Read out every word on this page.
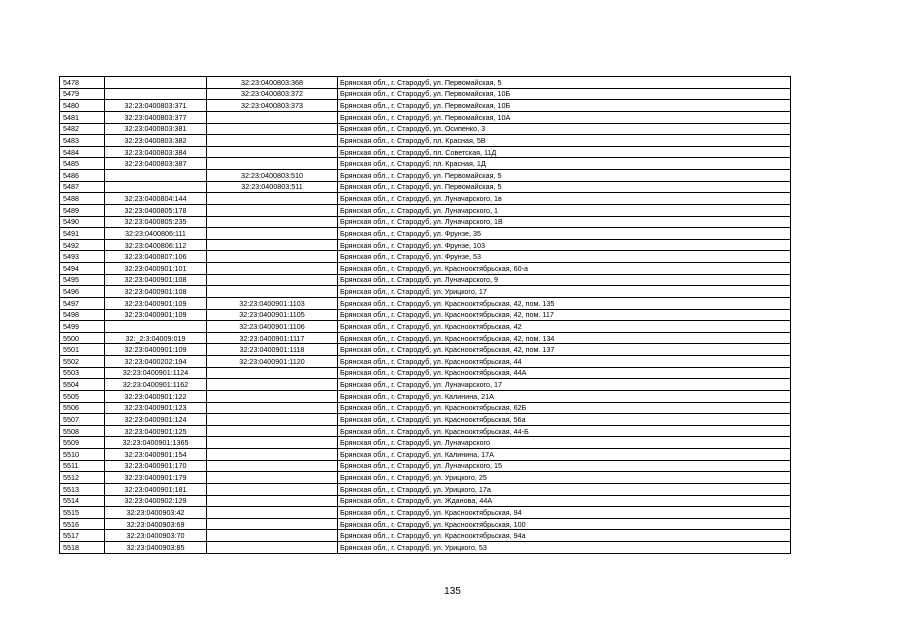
5478		32:23:0400803:368	Брянская обл., г. Стародуб, ул. Первомайская, 5
5479		32:23:0400803:372	Брянская обл., г. Стародуб, ул. Первомайская, 10Б
5480	32:23:0400803:371	32:23:0400803:373	Брянская обл., г. Стародуб, ул. Первомайская, 10Б
5481	32:23:0400803:377		Брянская обл., г. Стародуб, ул. Первомайская, 10А
5482	32:23:0400803:381		Брянская обл., г. Стародуб, ул. Осипенко, 3
5483	32:23:0400803:382		Брянская обл., г. Стародуб, пл. Красная, 5В
5484	32:23:0400803:384		Брянская обл., г. Стародуб, пл. Советская, 11Д
5485	32:23:0400803:387		Брянская обл., г. Стародуб, пл. Красная, 1Д
5486		32:23:0400803:510	Брянская обл., г. Стародуб, ул. Первомайская, 5
5487		32:23:0400803:511	Брянская обл., г. Стародуб, ул. Первомайская, 5
5488	32:23:0400804:144		Брянская обл., г. Стародуб, ул. Луначарского, 1в
5489	32:23:0400805:178		Брянская обл., г. Стародуб, ул. Луначарского, 1
5490	32:23:0400805:235		Брянская обл., г. Стародуб, ул. Луначарского, 1В
5491	32:23:0400806:111		Брянская обл., г. Стародуб, ул. Фрунзе, 35
5492	32:23:0400806:112		Брянская обл., г. Стародуб, ул. Фрунзе, 103
5493	32:23:0400807:106		Брянская обл., г. Стародуб, ул. Фрунзе, 53
5494	32:23:0400901:101		Брянская обл., г. Стародуб, ул. Краснооктябрьская, 60-а
5495	32:23:0400901:108		Брянская обл., г. Стародуб, ул. Луначарского, 9
5496	32:23:0400901:108		Брянская обл., г. Стародуб, ул. Урицкого, 17
5497	32:23:0400901:109	32:23:0400901:1103	Брянская обл., г. Стародуб, ул. Краснооктябрьская, 42, пом. 135
5498	32:23:0400901:109	32:23:0400901:1105	Брянская обл., г. Стародуб, ул. Краснооктябрьская, 42, пом. 117
5499		32:23:0400901:1106	Брянская обл., г. Стародуб, ул. Краснооктябрьская, 42
5500	32:_2:3:04009:019	32:23:0400901:1117	Брянская обл., г. Стародуб, ул. Краснооктябрьская, 42, пом. 134
5501	32:23:0400901:109	32:23:0400901:1118	Брянская обл., г. Стародуб, ул. Краснооктябрьская, 42, пом. 137
5502	32:23:0400202:194	32:23:0400901:1120	Брянская обл., г. Стародуб, ул. Краснооктябрьская, 44
5503	32:23:0400901:1124		Брянская обл., г. Стародуб, ул. Краснооктябрьская, 44А
5504	32:23:0400901:1162		Брянская обл., г. Стародуб, ул. Луначарского, 17
5505	32:23:0400901:122		Брянская обл., г. Стародуб, ул. Калинина, 21А
5506	32:23:0400901:123		Брянская обл., г. Стародуб, ул. Краснооктябрьская, 62Б
5507	32:23:0400901:124		Брянская обл., г. Стародуб, ул. Краснооктябрьская, 56а
5508	32:23:0400901:125		Брянская обл., г. Стародуб, ул. Краснооктябрьская, 44-Б
5509	32:23:0400901:1365		Брянская обл., г. Стародуб, ул. Луначарского
5510	32:23:0400901:154		Брянская обл., г. Стародуб, ул. Калинина, 17А
5511	32:23:0400901:170		Брянская обл., г. Стародуб, ул. Луначарского, 15
5512	32:23:0400901:179		Брянская обл., г. Стародуб, ул. Урицкого, 25
5513	32:23:0400901:181		Брянская обл., г. Стародуб, ул. Урицкого, 17а
5514	32:23:0400902:129		Брянская обл., г. Стародуб, ул. Жданова, 44А
5515	32:23:0400903:42		Брянская обл., г. Стародуб, ул. Краснооктябрьская, 94
5516	32:23:0400903:69		Брянская обл., г. Стародуб, ул. Краснооктябрьская, 100
5517	32:23:0400903:70		Брянская обл., г. Стародуб, ул. Краснооктябрьская, 94а
5518	32:23:0400903:85		Брянская обл., г. Стародуб, ул. Урицкого, 53
135
